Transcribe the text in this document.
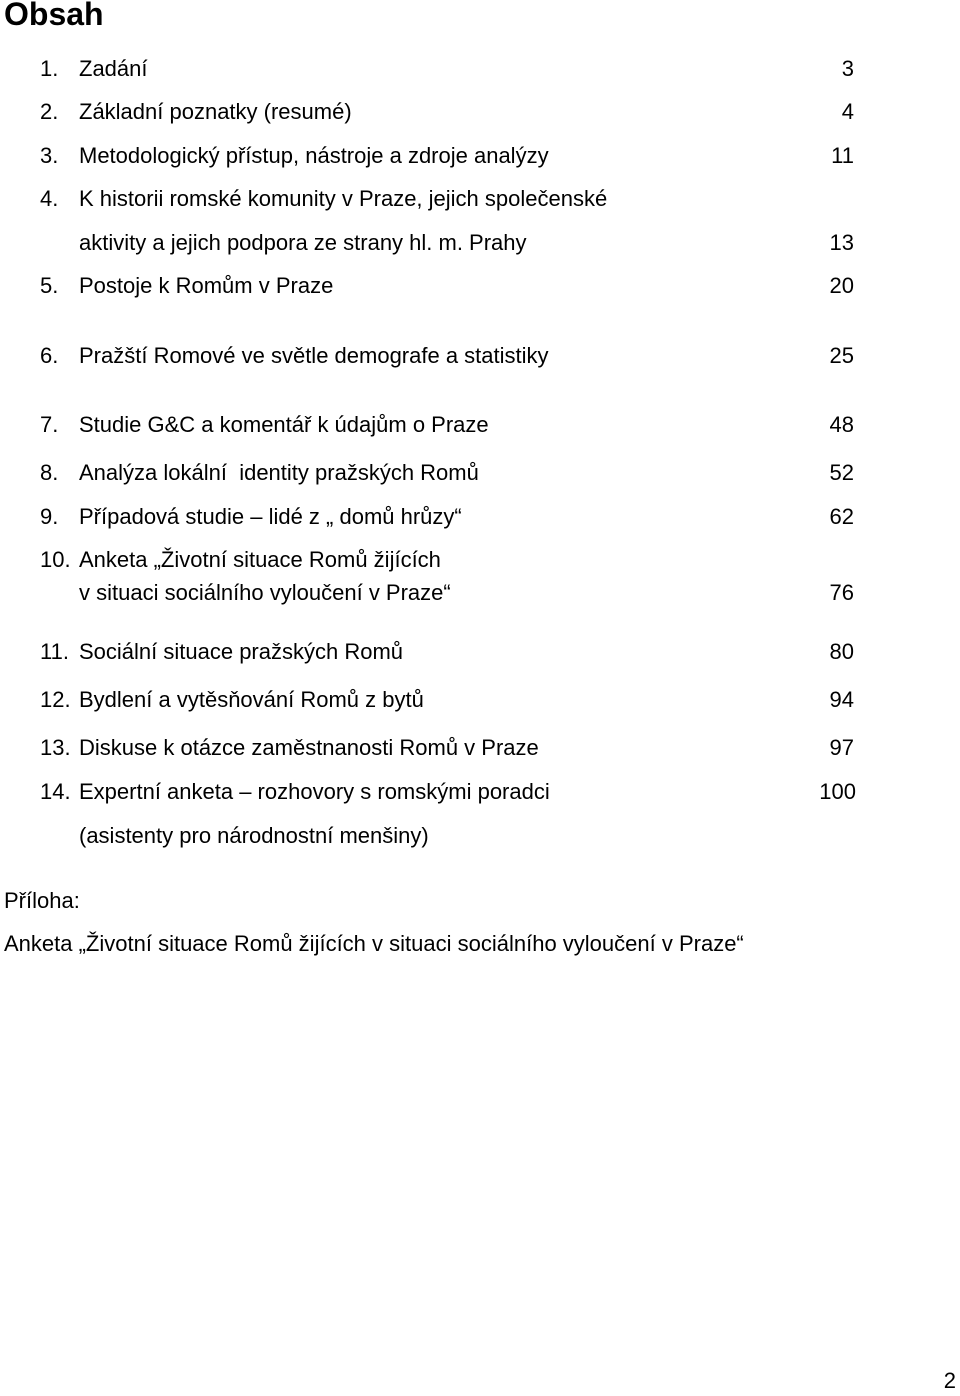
Obsah
1. Zadání	3
2. Základní poznatky (resumé)	4
3. Metodologický přístup, nástroje a zdroje analýzy	11
4. K historii romské komunity v Praze, jejich společenské
aktivity a jejich podpora ze strany hl. m. Prahy	13
5. Postoje k Romům v Praze	20
6. Pražští Romové ve světle demografe a statistiky	25
7. Studie G&C a komentář k údajům o Praze	48
8. Analýza lokální  identity pražských Romů	52
9. Případová studie – lidé z „ domů hrůzy“	62
10. Anketa „Životní situace Romů žijících
v situaci sociálního vyloučení v Praze“	76
11. Sociální situace pražských Romů	80
12. Bydlení a vytěsňování Romů z bytů	94
13. Diskuse k otázce zaměstnanosti Romů v Praze	97
14. Expertní anketa – rozhovory s romskými poradci	100
(asistenty pro národnostní menšiny)
Příloha:
Anketa „Životní situace Romů žijících v situaci sociálního vyloučení v Praze“
2
